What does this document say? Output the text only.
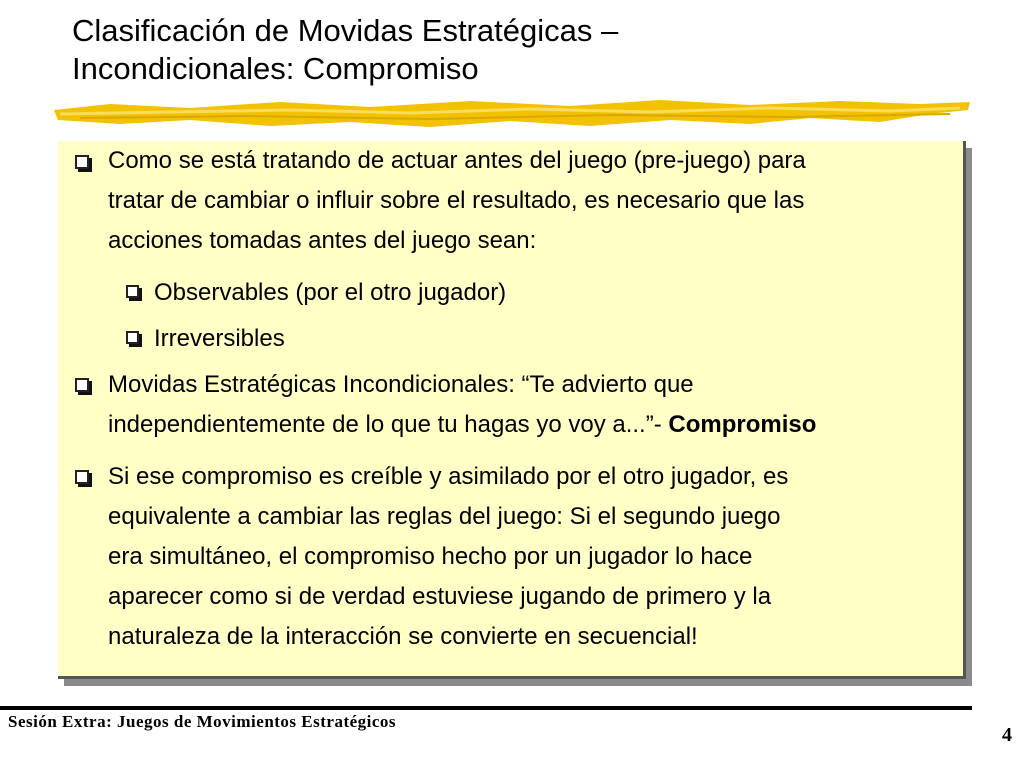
Clasificación de Movidas Estratégicas –
Incondicionales: Compromiso
Como se está tratando de actuar antes del juego (pre-juego) para
tratar de cambiar o influir sobre el resultado, es necesario que las
acciones tomadas antes del juego sean:
Observables (por el otro jugador)
Irreversibles
Movidas Estratégicas Incondicionales: “Te advierto que
independientemente de lo que tu hagas yo voy a...”- Compromiso
Si ese compromiso es creíble y asimilado por el otro jugador, es
equivalente a cambiar las reglas del juego: Si el segundo juego
era simultáneo, el compromiso hecho por un jugador lo hace
aparecer como si de verdad estuviese jugando de primero y la
naturaleza de la interacción se convierte en secuencial!
Sesión Extra: Juegos de Movimientos Estratégicos
4
